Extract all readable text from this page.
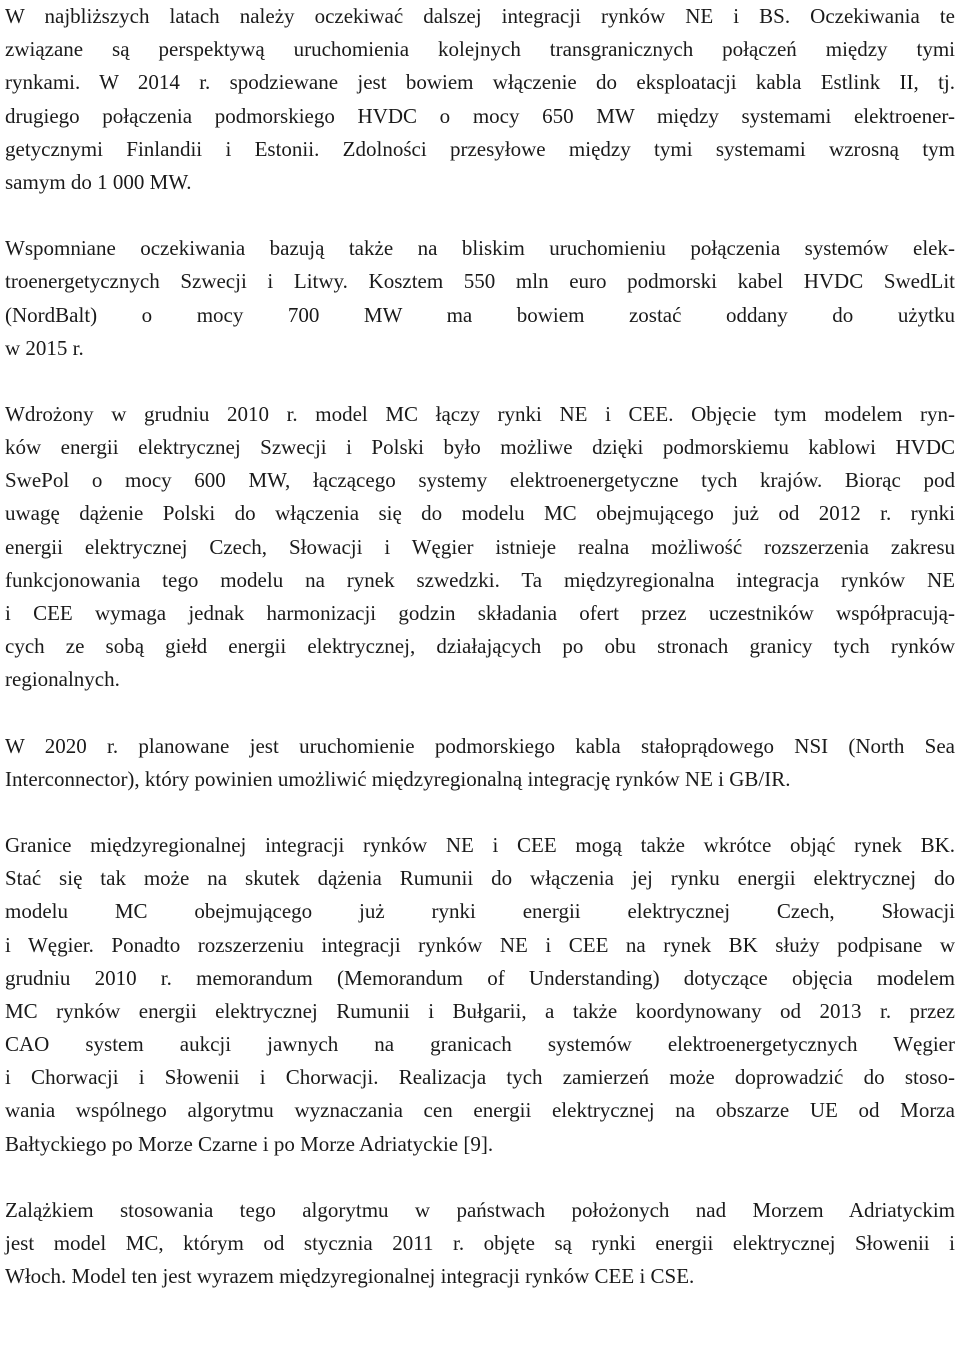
W najbliższych latach należy oczekiwać dalszej integracji rynków NE i BS. Oczekiwania te
związane są perspektywą uruchomienia kolejnych transgranicznych połączeń między tymi
rynkami. W 2014 r. spodziewane jest bowiem włączenie do eksploatacji kabla Estlink II, tj.
drugiego połączenia podmorskiego HVDC o mocy 650 MW między systemami elektroener-
getycznymi Finlandii i Estonii. Zdolności przesyłowe między tymi systemami wzrosną tym
samym do 1 000 MW.
Wspomniane oczekiwania bazują także na bliskim uruchomieniu połączenia systemów elek-
troenergetycznych Szwecji i Litwy. Kosztem 550 mln euro podmorski kabel HVDC SwedLit
(NordBalt) o mocy 700 MW ma bowiem zostać oddany do użytku
w 2015 r.
Wdrożony w grudniu 2010 r. model MC łączy rynki NE i CEE. Objęcie tym modelem ryn-
ków energii elektrycznej Szwecji i Polski było możliwe dzięki podmorskiemu kablowi HVDC
SwePol o mocy 600 MW, łączącego systemy elektroenergetyczne tych krajów. Biorąc pod
uwagę dążenie Polski do włączenia się do modelu MC obejmującego już od 2012 r. rynki
energii elektrycznej Czech, Słowacji i Węgier istnieje realna możliwość rozszerzenia zakresu
funkcjonowania tego modelu na rynek szwedzki. Ta międzyregionalna integracja rynków NE
i CEE wymaga jednak harmonizacji godzin składania ofert przez uczestników współpracują-
cych ze sobą giełd energii elektrycznej, działających po obu stronach granicy tych rynków
regionalnych.
W 2020 r. planowane jest uruchomienie podmorskiego kabla stałoprądowego NSI (North Sea
Interconnector), który powinien umożliwić międzyregionalną integrację rynków NE i GB/IR.
Granice międzyregionalnej integracji rynków NE i CEE mogą także wkrótce objąć rynek BK.
Stać się tak może na skutek dążenia Rumunii do włączenia jej rynku energii elektrycznej do
modelu MC obejmującego już rynki energii elektrycznej Czech, Słowacji
i Węgier. Ponadto rozszerzeniu integracji rynków NE i CEE na rynek BK służy podpisane w
grudniu 2010 r. memorandum (Memorandum of Understanding) dotyczące objęcia modelem
MC rynków energii elektrycznej Rumunii i Bułgarii, a także koordynowany od 2013 r. przez
CAO system aukcji jawnych na granicach systemów elektroenergetycznych Węgier
i Chorwacji i Słowenii i Chorwacji. Realizacja tych zamierzeń może doprowadzić do stoso-
wania wspólnego algorytmu wyznaczania cen energii elektrycznej na obszarze UE od Morza
Bałtyckiego po Morze Czarne i po Morze Adriatyckie [9].
Zalążkiem stosowania tego algorytmu w państwach położonych nad Morzem Adriatyckim
jest model MC, którym od stycznia 2011 r. objęte są rynki energii elektrycznej Słowenii i
Włoch. Model ten jest wyrazem międzyregionalnej integracji rynków CEE i CSE.
